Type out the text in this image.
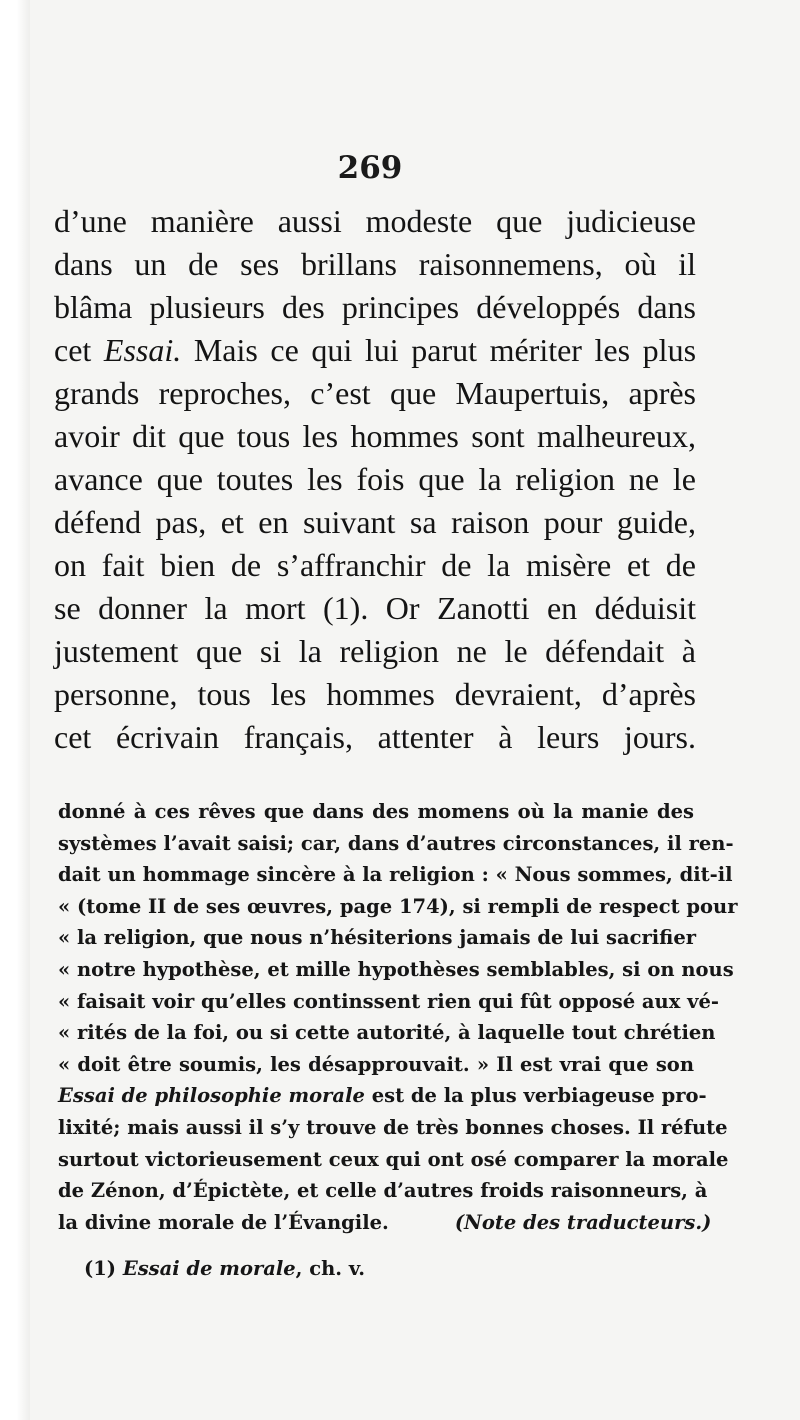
269
d’une manière aussi modeste que judicieuse
dans un de ses brillans raisonnemens, où il
blâma plusieurs des principes développés dans
cet Essai. Mais ce qui lui parut mériter les plus
grands reproches, c’est que Maupertuis, après
avoir dit que tous les hommes sont malheureux,
avance que toutes les fois que la religion ne le
défend pas, et en suivant sa raison pour guide,
on fait bien de s’affranchir de la misère et de
se donner la mort (1). Or Zanotti en déduisit
justement que si la religion ne le défendait à
personne, tous les hommes devraient, d’après
cet écrivain français, attenter à leurs jours.
donné à ces rêves que dans des momens où la manie des
systèmes l’avait saisi; car, dans d’autres circonstances, il ren-
dait un hommage sincère à la religion : « Nous sommes, dit-il
« (tome II de ses œuvres, page 174), si rempli de respect pour
« la religion, que nous n’hésiterions jamais de lui sacrifier
« notre hypothèse, et mille hypothèses semblables, si on nous
« faisait voir qu’elles continssent rien qui fût opposé aux vé-
« rités de la foi, ou si cette autorité, à laquelle tout chrétien
« doit être soumis, les désapprouvait. » Il est vrai que son
Essai de philosophie morale est de la plus verbiageuse pro-
lixité; mais aussi il s’y trouve de très bonnes choses. Il réfute
surtout victorieusement ceux qui ont osé comparer la morale
de Zénon, d’Épictète, et celle d’autres froids raisonneurs, à
la divine morale de l’Évangile.	(Note des traducteurs.)
(1) Essai de morale, ch. v.
